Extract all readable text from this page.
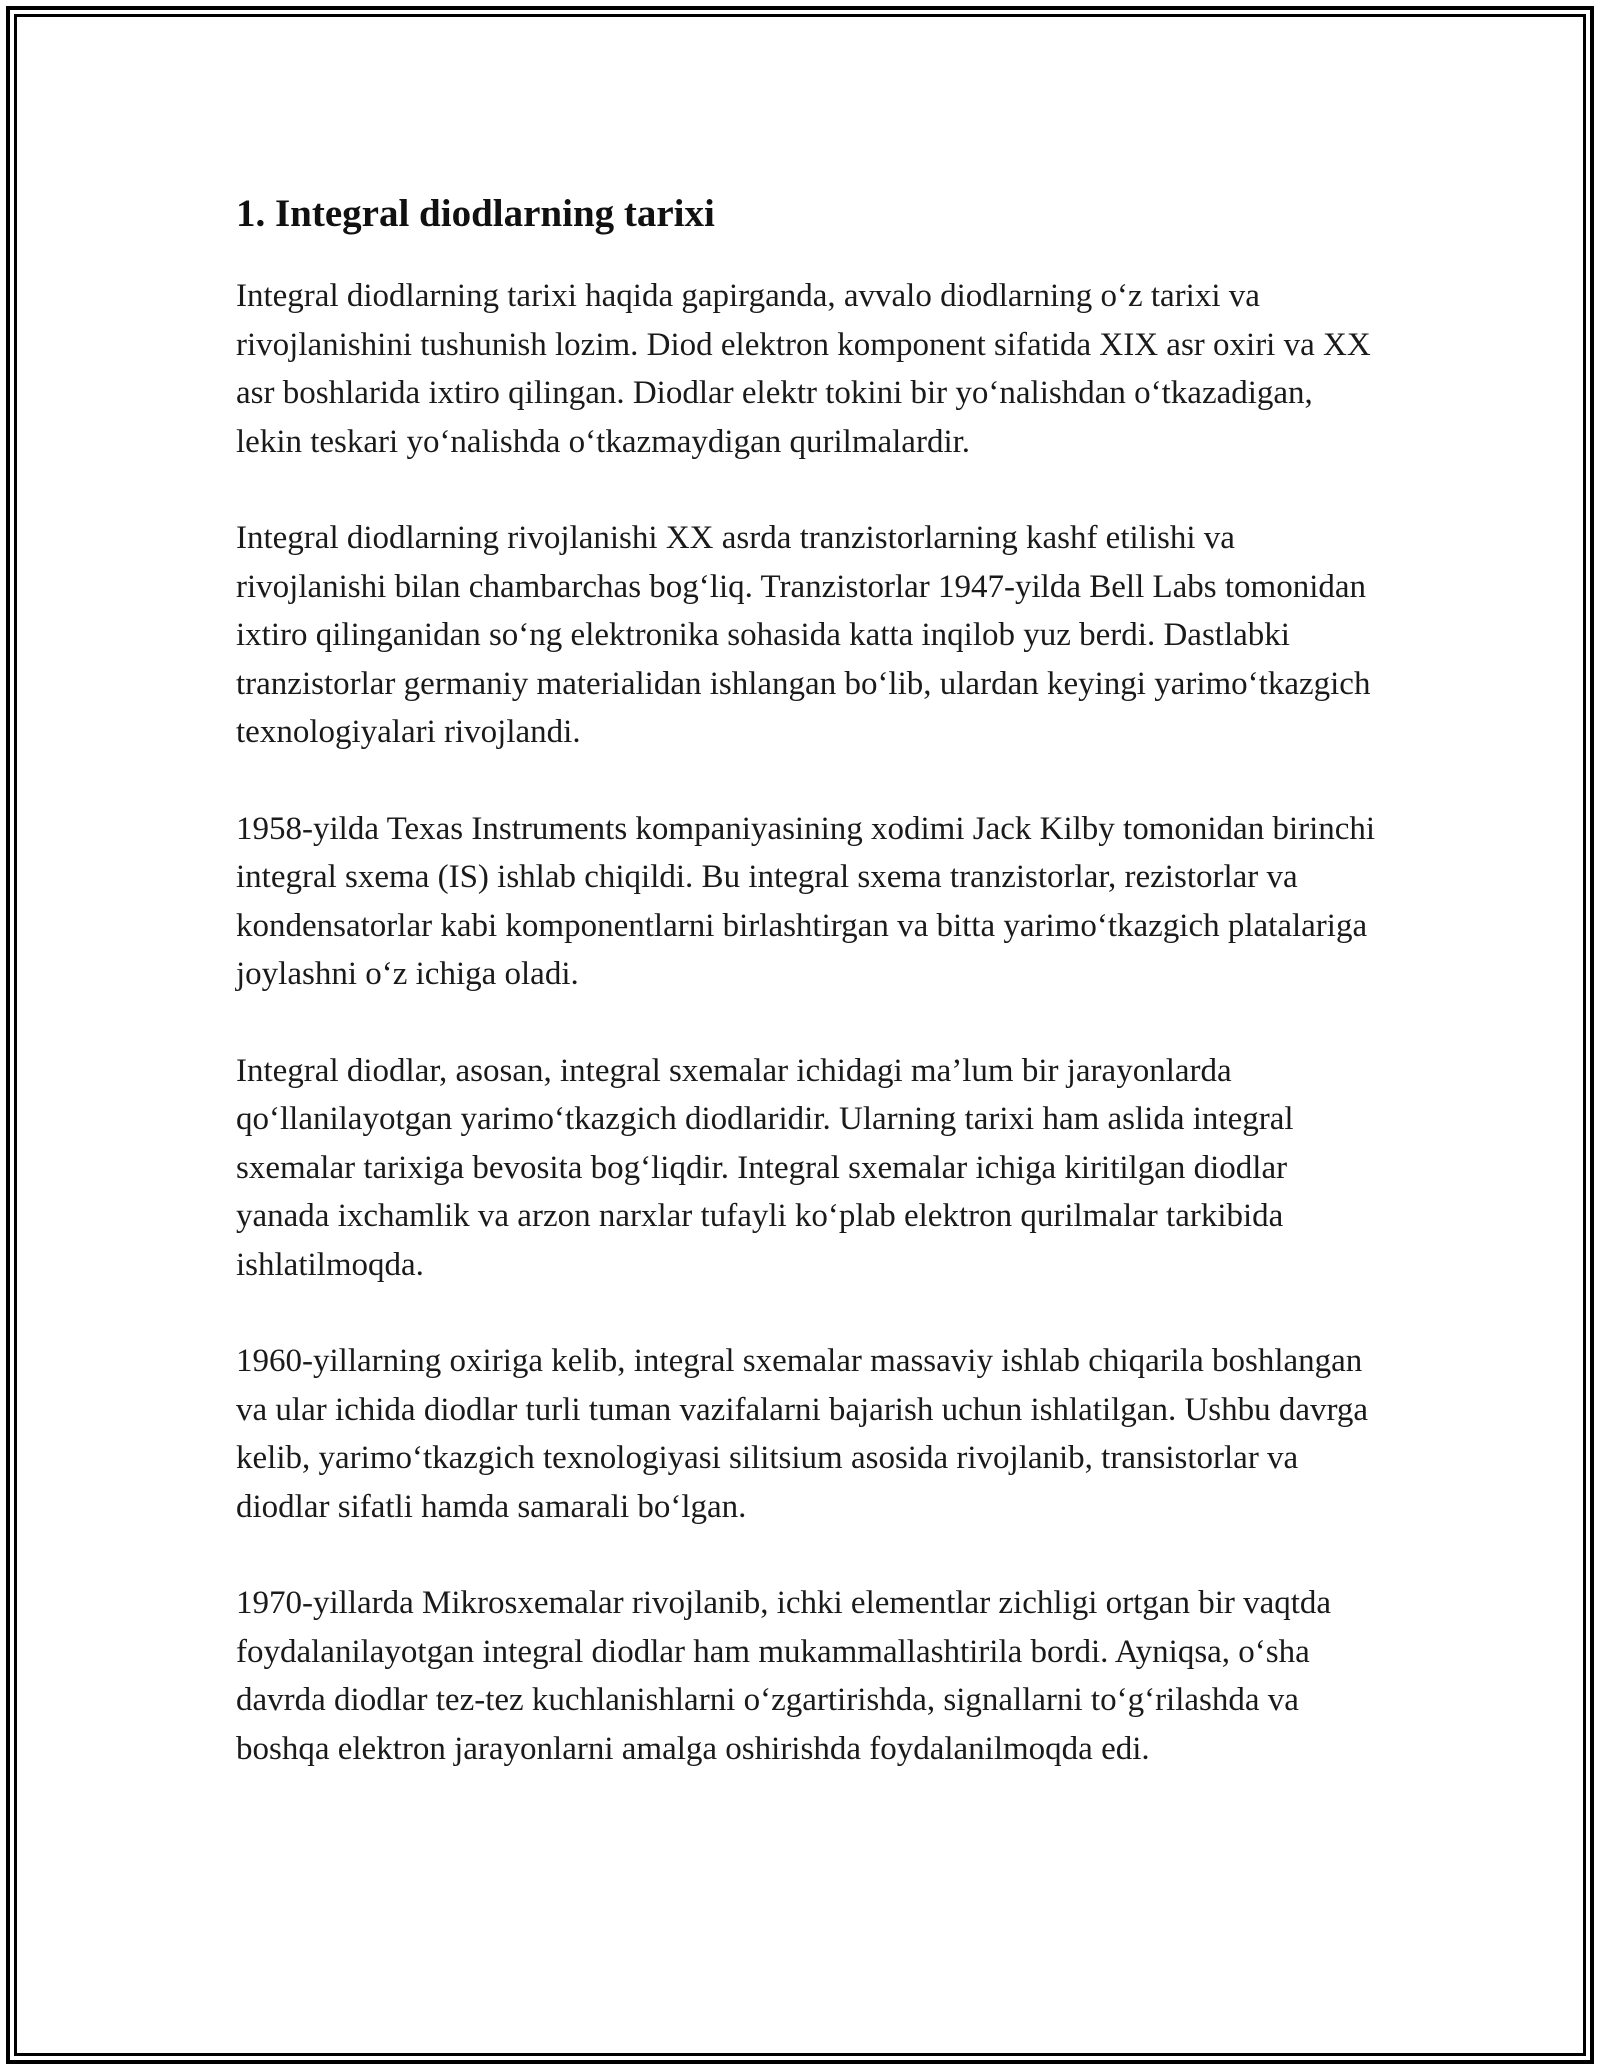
1. Integral diodlarning tarixi

Integral diodlarning tarixi haqida gapirganda, avvalo diodlarning o‘z tarixi va rivojlanishini tushunish lozim. Diod elektron komponent sifatida XIX asr oxiri va XX asr boshlarida ixtiro qilingan. Diodlar elektr tokini bir yo‘nalishdan o‘tkazadigan, lekin teskari yo‘nalishda o‘tkazmaydigan qurilmalardir.

Integral diodlarning rivojlanishi XX asrda tranzistorlarning kashf etilishi va rivojlanishi bilan chambarchas bog‘liq. Tranzistorlar 1947-yilda Bell Labs tomonidan ixtiro qilinganidan so‘ng elektronika sohasida katta inqilob yuz berdi. Dastlabki tranzistorlar germaniy materialidan ishlangan bo‘lib, ulardan keyingi yarimo‘tkazgich texnologiyalari rivojlandi.

1958-yilda Texas Instruments kompaniyasining xodimi Jack Kilby tomonidan birinchi integral sxema (IS) ishlab chiqildi. Bu integral sxema tranzistorlar, rezistorlar va kondensatorlar kabi komponentlarni birlashtirgan va bitta yarimo‘tkazgich platalariga joylashni o‘z ichiga oladi.

Integral diodlar, asosan, integral sxemalar ichidagi ma’lum bir jarayonlarda qo‘llanilayotgan yarimo‘tkazgich diodlaridir. Ularning tarixi ham aslida integral sxemalar tarixiga bevosita bog‘liqdir. Integral sxemalar ichiga kiritilgan diodlar yanada ixchamlik va arzon narxlar tufayli ko‘plab elektron qurilmalar tarkibida ishlatilmoqda.

1960-yillarning oxiriga kelib, integral sxemalar massaviy ishlab chiqarila boshlangan va ular ichida diodlar turli tuman vazifalarni bajarish uchun ishlatilgan. Ushbu davrga kelib, yarimo‘tkazgich texnologiyasi silitsium asosida rivojlanib, transistorlar va diodlar sifatli hamda samarali bo‘lgan.

1970-yillarda Mikrosxemalar rivojlanib, ichki elementlar zichligi ortgan bir vaqtda foydalanilayotgan integral diodlar ham mukammallashtirila bordi. Ayniqsa, o‘sha davrda diodlar tez-tez kuchlanishlarni o‘zgartirishda, signallarni to‘g‘rilashda va boshqa elektron jarayonlarni amalga oshirishda foydalanilmoqda edi.
